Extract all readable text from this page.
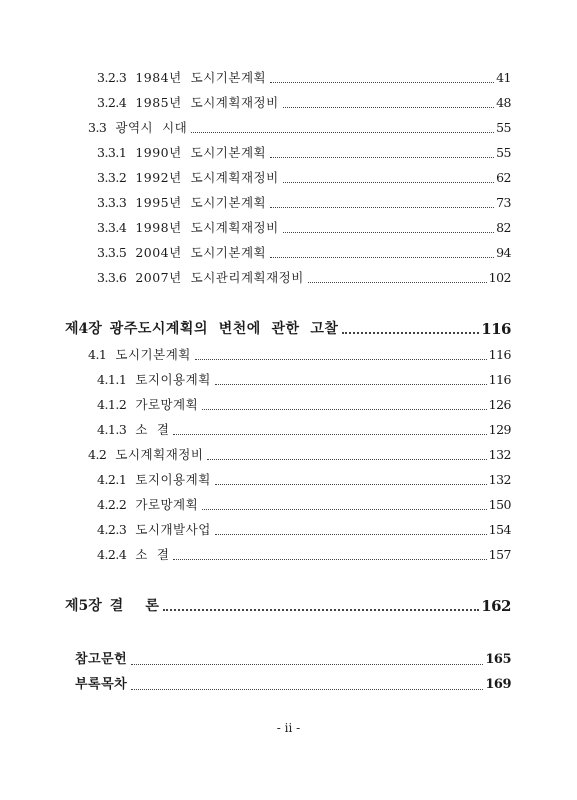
3.2.3 1984년  도시기본계획	41
3.2.4 1985년  도시계획재정비	48
3.3 광역시  시대	55
3.3.1 1990년  도시기본계획	55
3.3.2 1992년  도시계획재정비	62
3.3.3 1995년  도시기본계획	73
3.3.4 1998년  도시계획재정비	82
3.3.5 2004년  도시기본계획	94
3.3.6 2007년  도시관리계획재정비	102
제4장 광주도시계획의  변천에  관한  고찰	116
4.1 도시기본계획	116
4.1.1 토지이용계획	116
4.1.2 가로망계획	126
4.1.3 소  결	129
4.2 도시계획재정비	132
4.2.1 토지이용계획	132
4.2.2 가로망계획	150
4.2.3 도시개발사업	154
4.2.4 소  결	157
제5장 결    론	162
참고문헌	165
부록목차	169
- ii -
